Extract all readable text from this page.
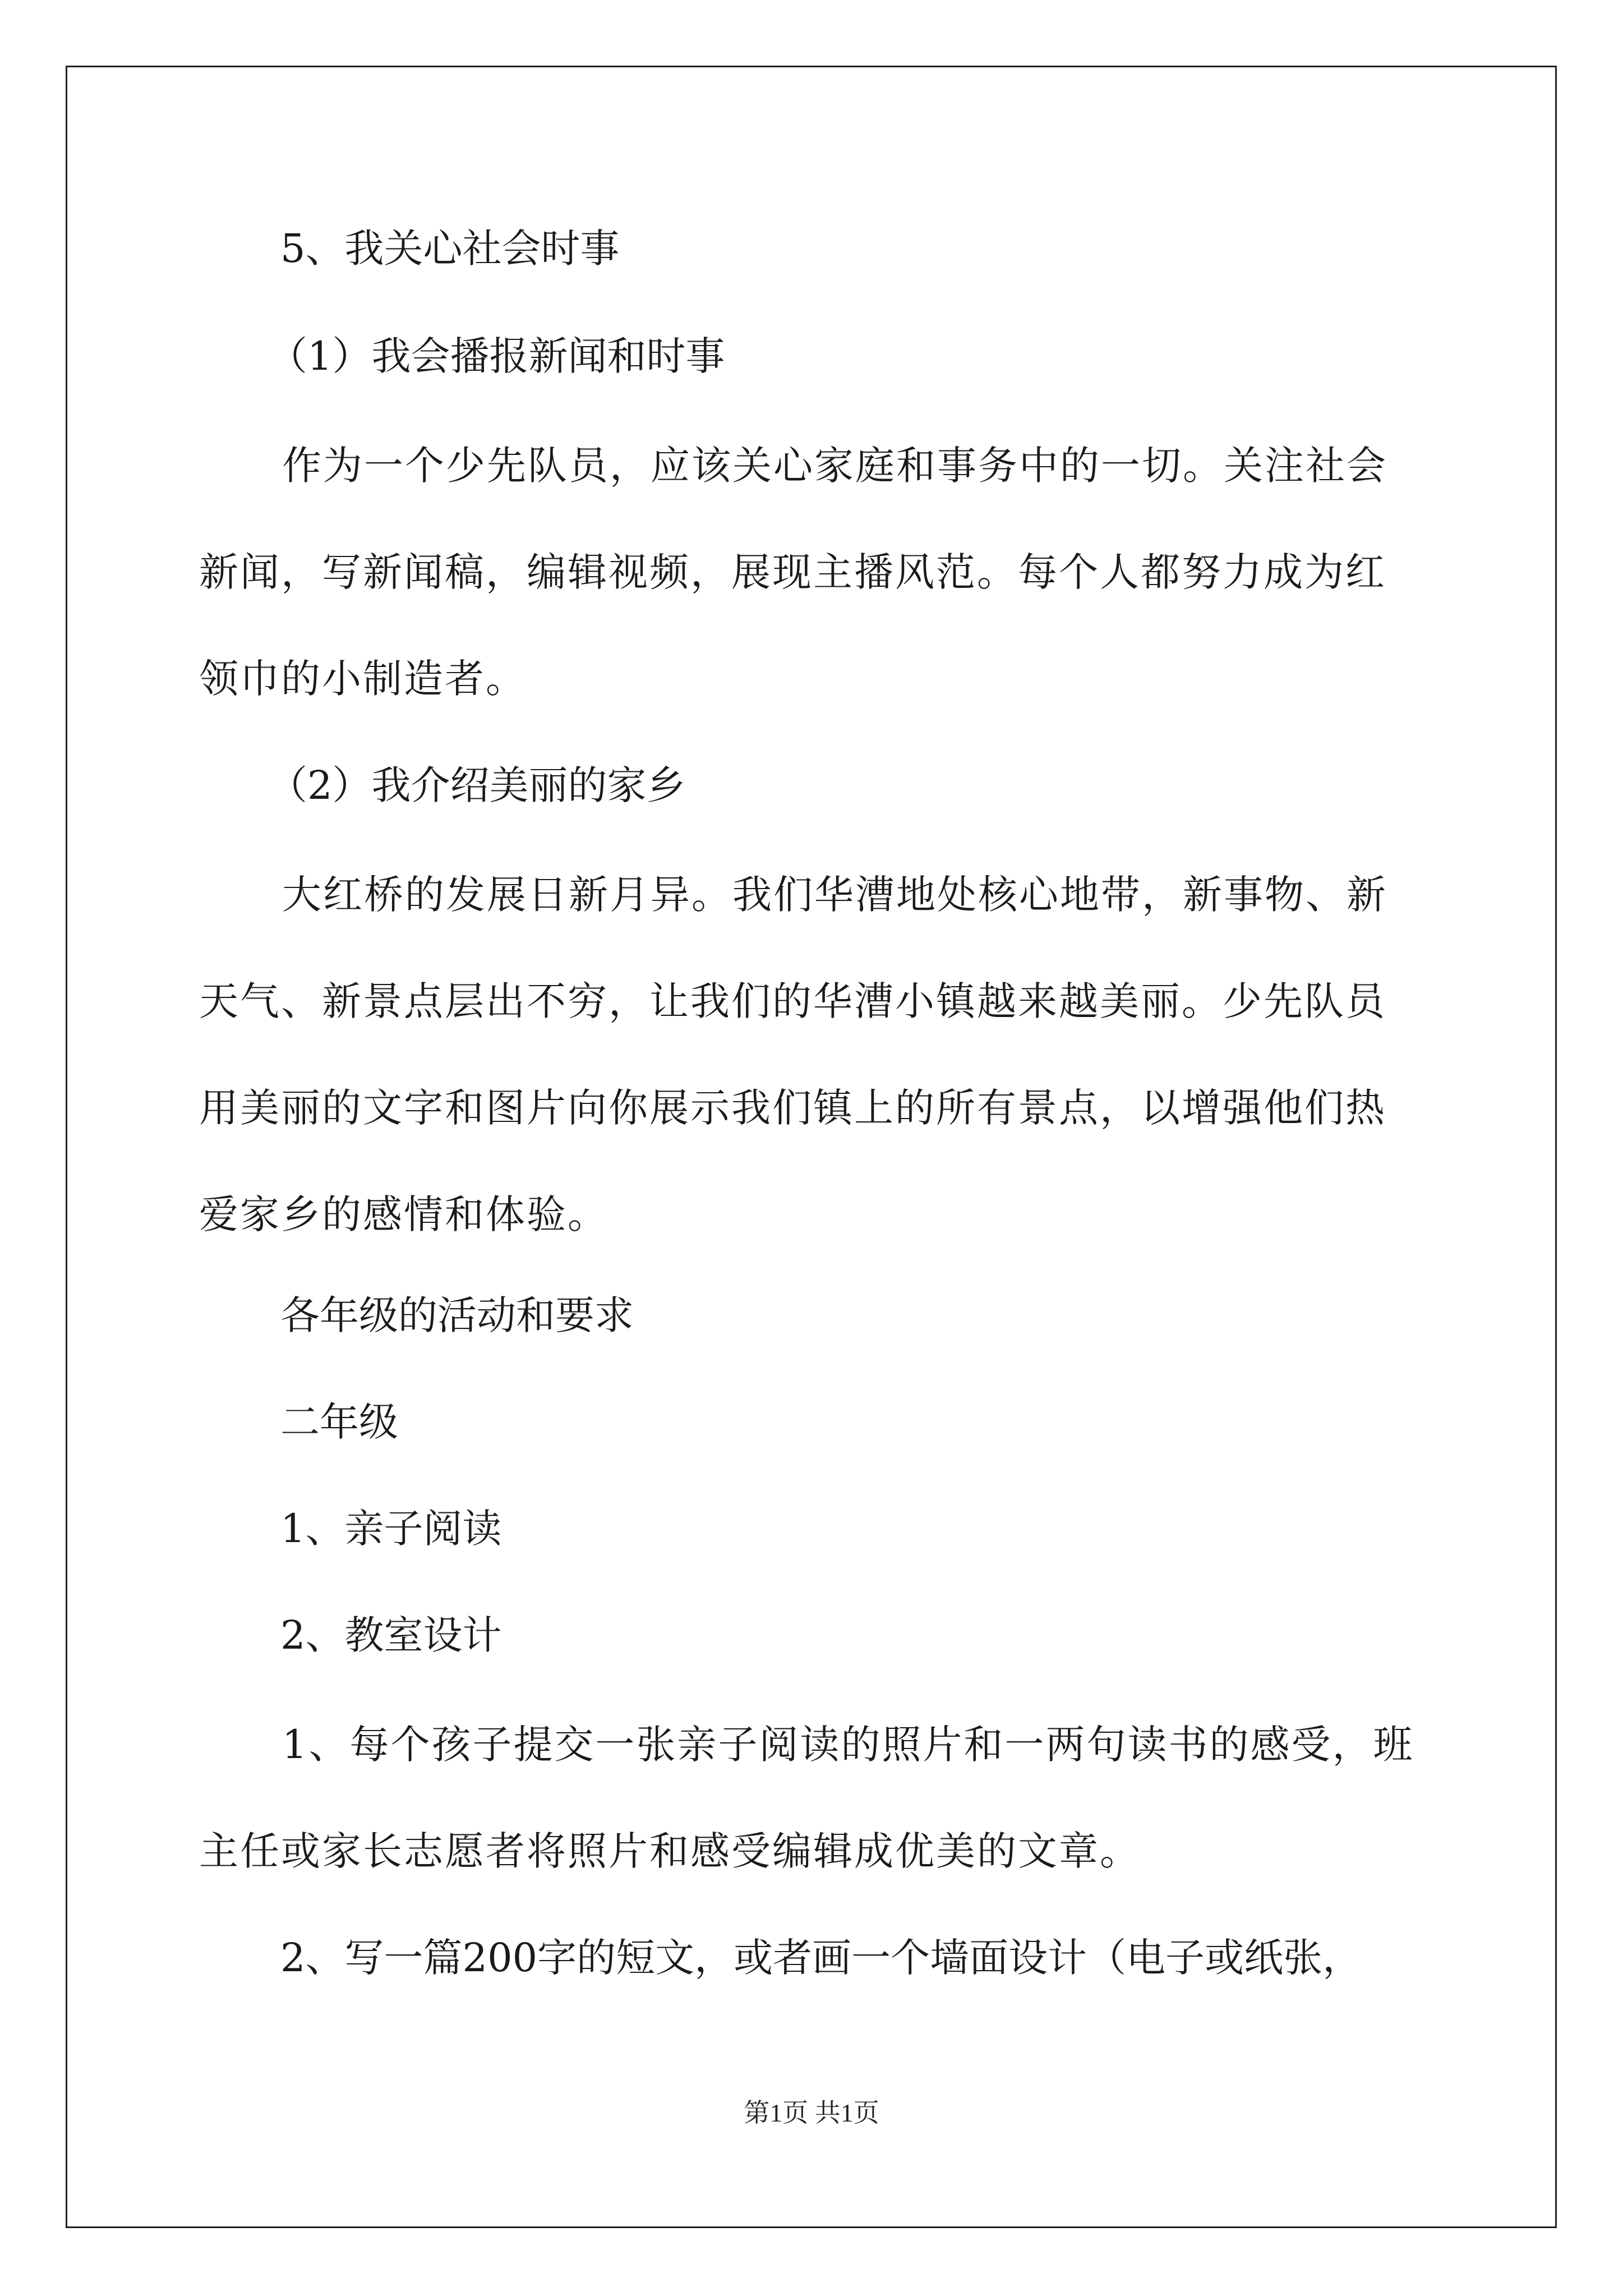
5、我关心社会时事

（1）我会播报新闻和时事

作为一个少先队员，应该关心家庭和事务中的一切。关注社会新闻，写新闻稿，编辑视频，展现主播风范。每个人都努力成为红领巾的小制造者。

（2）我介绍美丽的家乡

大红桥的发展日新月异。我们华漕地处核心地带，新事物、新天气、新景点层出不穷，让我们的华漕小镇越来越美丽。少先队员用美丽的文字和图片向你展示我们镇上的所有景点，以增强他们热爱家乡的感情和体验。

各年级的活动和要求

二年级

1、亲子阅读

2、教室设计

1、每个孩子提交一张亲子阅读的照片和一两句读书的感受，班主任或家长志愿者将照片和感受编辑成优美的文章。

2、写一篇200字的短文，或者画一个墙面设计（电子或纸张，

第1页 共1页
